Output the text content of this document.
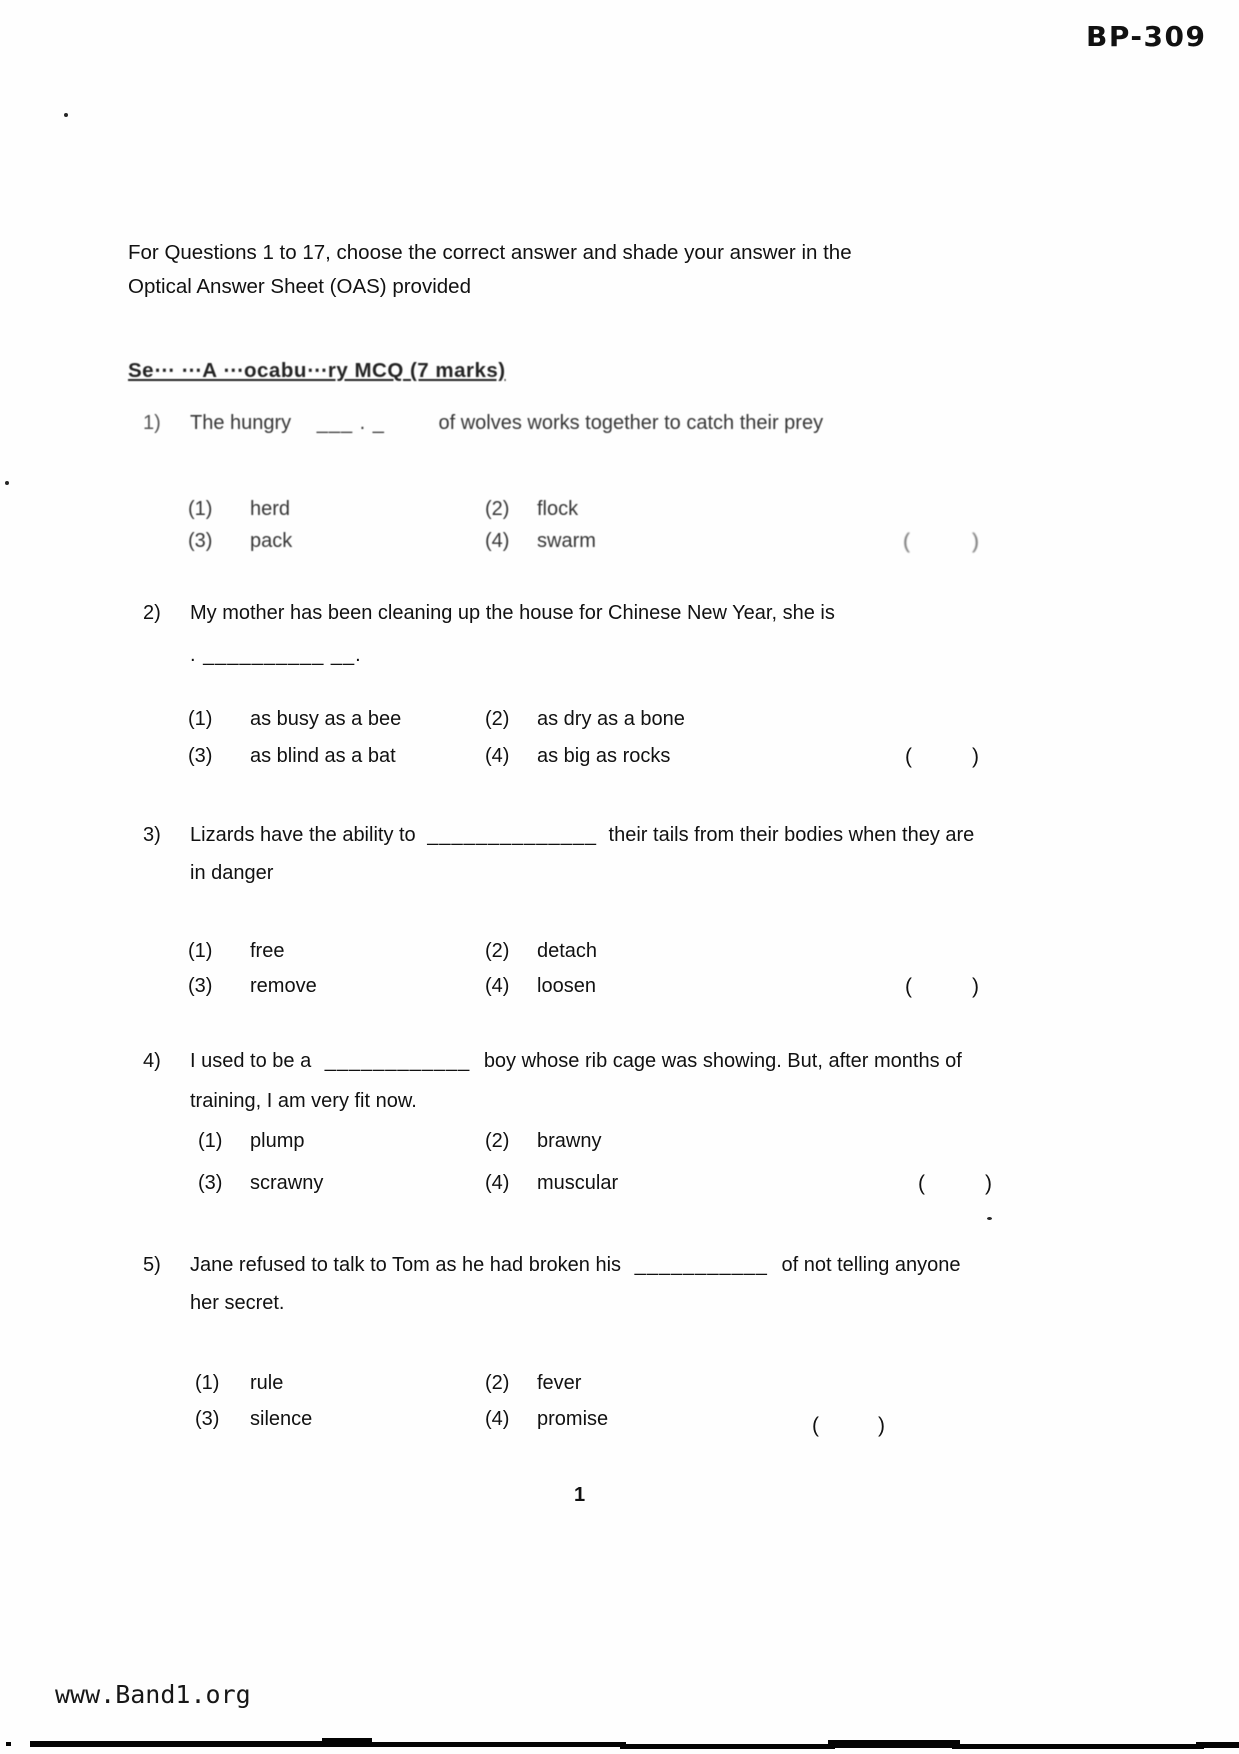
BP-309
For Questions 1 to 17, choose the correct answer and shade your answer in the
Optical Answer Sheet (OAS) provided
Se⋯ ⋯A ⋯ocabu⋯ry MCQ (7 marks)
1) The hungry ___ . _	of wolves works together to catch their prey
(1) herd	(2) flock
(3) pack	(4) swarm	(	)
2) My mother has been cleaning up the house for Chinese New Year, she is
. __________ __.
(1) as busy as a bee	(2) as dry as a bone
(3) as blind as a bat	(4) as big as rocks	(	)
3) Lizards have the ability to ______________ their tails from their bodies when they are
in danger
(1) free	(2) detach
(3) remove	(4) loosen	(	)
4) I used to be a ____________ boy whose rib cage was showing. But, after months of
training, I am very fit now.
(1) plump	(2) brawny
(3) scrawny	(4) muscular	(	)
5) Jane refused to talk to Tom as he had broken his ___________ of not telling anyone
her secret.
(1) rule	(2) fever
(3) silence	(4) promise	(	)
1
www.Band1.org
